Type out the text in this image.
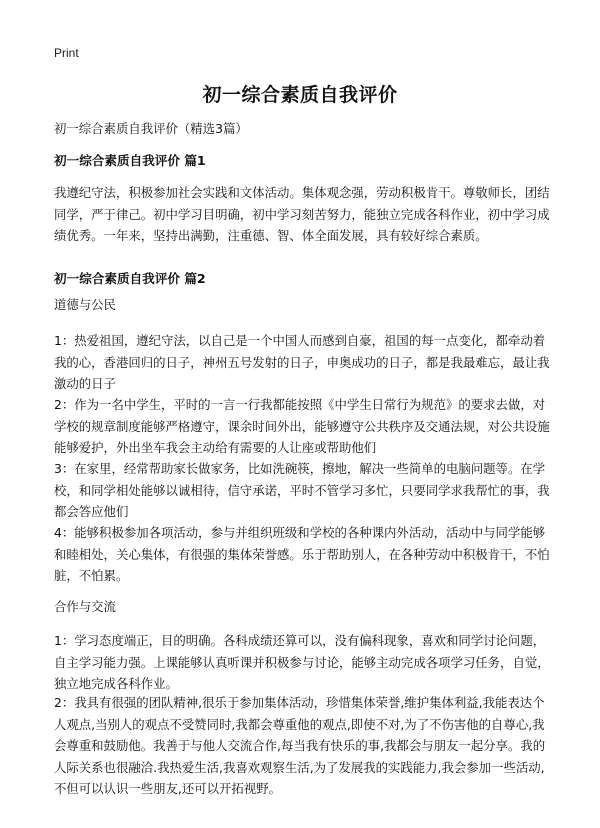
Print
初一综合素质自我评价
初一综合素质自我评价（精选3篇）
初一综合素质自我评价 篇1

我遵纪守法，积极参加社会实践和文体活动。集体观念强，劳动积极肯干。尊敬师长，团结同学，严于律己。初中学习目明确，初中学习刻苦努力，能独立完成各科作业，初中学习成绩优秀。一年来，坚持出满勤，注重德、智、体全面发展，具有较好综合素质。

初一综合素质自我评价 篇2
道德与公民

1：热爱祖国，遵纪守法，以自己是一个中国人而感到自豪，祖国的每一点变化，都牵动着我的心，香港回归的日子，神州五号发射的日子，申奥成功的日子，都是我最难忘，最让我激动的日子

2：作为一名中学生，平时的一言一行我都能按照《中学生日常行为规范》的要求去做，对学校的规章制度能够严格遵守，课余时间外出，能够遵守公共秩序及交通法规，对公共设施能够爱护，外出坐车我会主动给有需要的人让座或帮助他们

3：在家里，经常帮助家长做家务，比如洗碗筷，擦地，解决一些简单的电脑问题等。在学校，和同学相处能够以诚相待，信守承诺，平时不管学习多忙，只要同学求我帮忙的事，我都会答应他们

4：能够积极参加各项活动，参与并组织班级和学校的各种课内外活动，活动中与同学能够和睦相处，关心集体，有很强的集体荣誉感。乐于帮助别人，在各种劳动中积极肯干，不怕脏，不怕累。

合作与交流

1：学习态度端正，目的明确。各科成绩还算可以，没有偏科现象，喜欢和同学讨论问题，自主学习能力强。上课能够认真听课并积极参与讨论，能够主动完成各项学习任务，自觉，独立地完成各科作业。

2：我具有很强的团队精神,很乐于参加集体活动，珍惜集体荣誉,维护集体利益,我能表达个人观点,当别人的观点不受赞同时,我都会尊重他的观点,即使不对,为了不伤害他的自尊心,我会尊重和鼓励他。我善于与他人交流合作,每当我有快乐的事,我都会与朋友一起分享。我的人际关系也很融洽.我热爱生活,我喜欢观察生活,为了发展我的实践能力,我会参加一些活动,不但可以认识一些朋友,还可以开拓视野。
